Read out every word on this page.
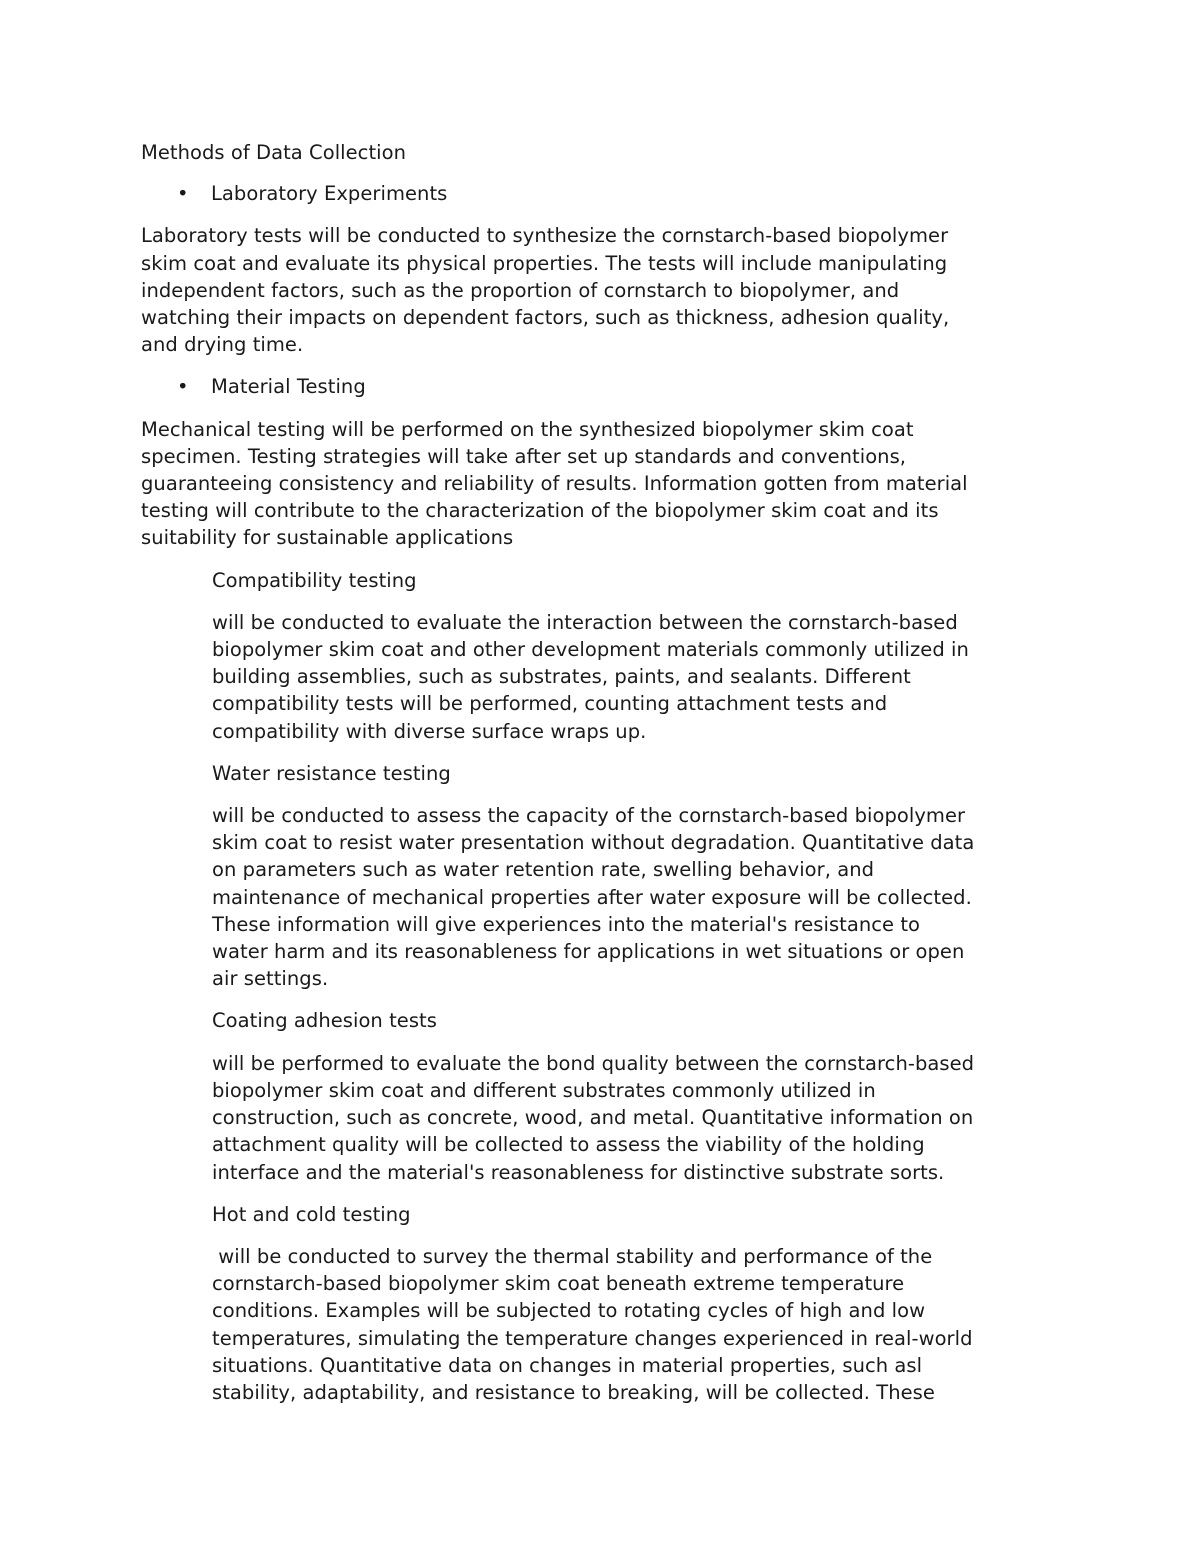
Methods of Data Collection

• Laboratory Experiments

Laboratory tests will be conducted to synthesize the cornstarch-based biopolymer
skim coat and evaluate its physical properties. The tests will include manipulating
independent factors, such as the proportion of cornstarch to biopolymer, and
watching their impacts on dependent factors, such as thickness, adhesion quality,
and drying time.

• Material Testing

Mechanical testing will be performed on the synthesized biopolymer skim coat
specimen. Testing strategies will take after set up standards and conventions,
guaranteeing consistency and reliability of results. Information gotten from material
testing will contribute to the characterization of the biopolymer skim coat and its
suitability for sustainable applications

Compatibility testing

will be conducted to evaluate the interaction between the cornstarch-based
biopolymer skim coat and other development materials commonly utilized in
building assemblies, such as substrates, paints, and sealants. Different
compatibility tests will be performed, counting attachment tests and
compatibility with diverse surface wraps up.

Water resistance testing

will be conducted to assess the capacity of the cornstarch-based biopolymer
skim coat to resist water presentation without degradation. Quantitative data
on parameters such as water retention rate, swelling behavior, and
maintenance of mechanical properties after water exposure will be collected.
These information will give experiences into the material's resistance to
water harm and its reasonableness for applications in wet situations or open
air settings.

Coating adhesion tests

will be performed to evaluate the bond quality between the cornstarch-based
biopolymer skim coat and different substrates commonly utilized in
construction, such as concrete, wood, and metal. Quantitative information on
attachment quality will be collected to assess the viability of the holding
interface and the material's reasonableness for distinctive substrate sorts.

Hot and cold testing

will be conducted to survey the thermal stability and performance of the
cornstarch-based biopolymer skim coat beneath extreme temperature
conditions. Examples will be subjected to rotating cycles of high and low
temperatures, simulating the temperature changes experienced in real-world
situations. Quantitative data on changes in material properties, such asl
stability, adaptability, and resistance to breaking, will be collected. These
